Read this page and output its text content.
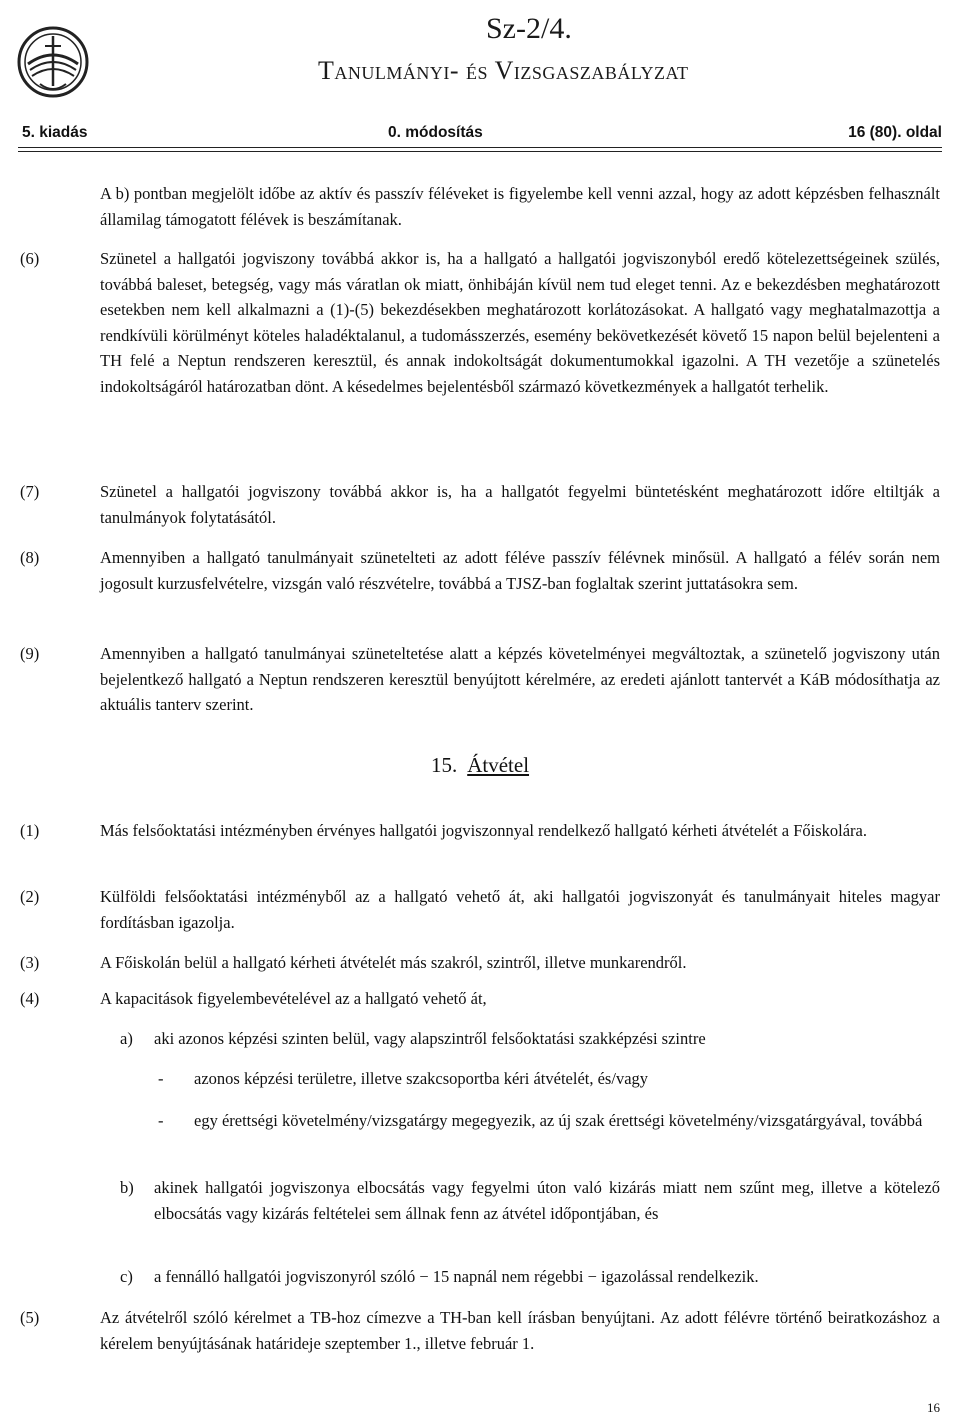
Sz-2/4.
Tanulmányi- és Vizsgaszabályzat
5. kiadás	0. módosítás	16 (80). oldal
A b) pontban megjelölt időbe az aktív és passzív féléveket is figyelembe kell venni azzal, hogy az adott képzésben felhasznált államilag támogatott félévek is beszámítanak.
(6)	Szünetel a hallgatói jogviszony továbbá akkor is, ha a hallgató a hallgatói jogviszonyból eredő kötelezettségeinek szülés, továbbá baleset, betegség, vagy más váratlan ok miatt, önhibáján kívül nem tud eleget tenni. Az e bekezdésben meghatározott esetekben nem kell alkalmazni a (1)-(5) bekezdésekben meghatározott korlátozásokat. A hallgató vagy meghatalmazottja a rendkívüli körülményt köteles haladéktalanul, a tudomásszerzés, esemény bekövetkezését követő 15 napon belül bejelenteni a TH felé a Neptun rendszeren keresztül, és annak indokoltságát dokumentumokkal igazolni. A TH vezetője a szünetelés indokoltságáról határozatban dönt. A késedelmes bejelentésből származó következmények a hallgatót terhelik.
(7)	Szünetel a hallgatói jogviszony továbbá akkor is, ha a hallgatót fegyelmi büntetésként meghatározott időre eltiltják a tanulmányok folytatásától.
(8)	Amennyiben a hallgató tanulmányait szünetelteti az adott féléve passzív félévnek minősül. A hallgató a félév során nem jogosult kurzusfelvételre, vizsgán való részvételre, továbbá a TJSZ-ban foglaltak szerint juttatásokra sem.
(9)	Amennyiben a hallgató tanulmányai szüneteltetése alatt a képzés követelményei megváltoztak, a szünetelő jogviszony után bejelentkező hallgató a Neptun rendszeren keresztül benyújtott kérelmére, az eredeti ajánlott tantervét a KáB módosíthatja az aktuális tanterv szerint.
15. Átvétel
(1)	Más felsőoktatási intézményben érvényes hallgatói jogviszonnyal rendelkező hallgató kérheti átvételét a Főiskolára.
(2)	Külföldi felsőoktatási intézményből az a hallgató vehető át, aki hallgatói jogviszonyát és tanulmányait hiteles magyar fordításban igazolja.
(3)	A Főiskolán belül a hallgató kérheti átvételét más szakról, szintről, illetve munkarendről.
(4)	A kapacitások figyelembevételével az a hallgató vehető át,
a) aki azonos képzési szinten belül, vagy alapszintről felsőoktatási szakképzési szintre
- azonos képzési területre, illetve szakcsoportba kéri átvételét, és/vagy
- egy érettségi követelmény/vizsgatárgy megegyezik, az új szak érettségi követelmény/vizsgatárgyával, továbbá
b) akinek hallgatói jogviszonya elbocsátás vagy fegyelmi úton való kizárás miatt nem szűnt meg, illetve a kötelező elbocsátás vagy kizárás feltételei sem állnak fenn az átvétel időpontjában, és
c) a fennálló hallgatói jogviszonyról szóló − 15 napnál nem régebbi − igazolással rendelkezik.
(5)	Az átvételről szóló kérelmet a TB-hoz címezve a TH-ban kell írásban benyújtani. Az adott félévre történő beiratkozáshoz a kérelem benyújtásának határideje szeptember 1., illetve február 1.
16
